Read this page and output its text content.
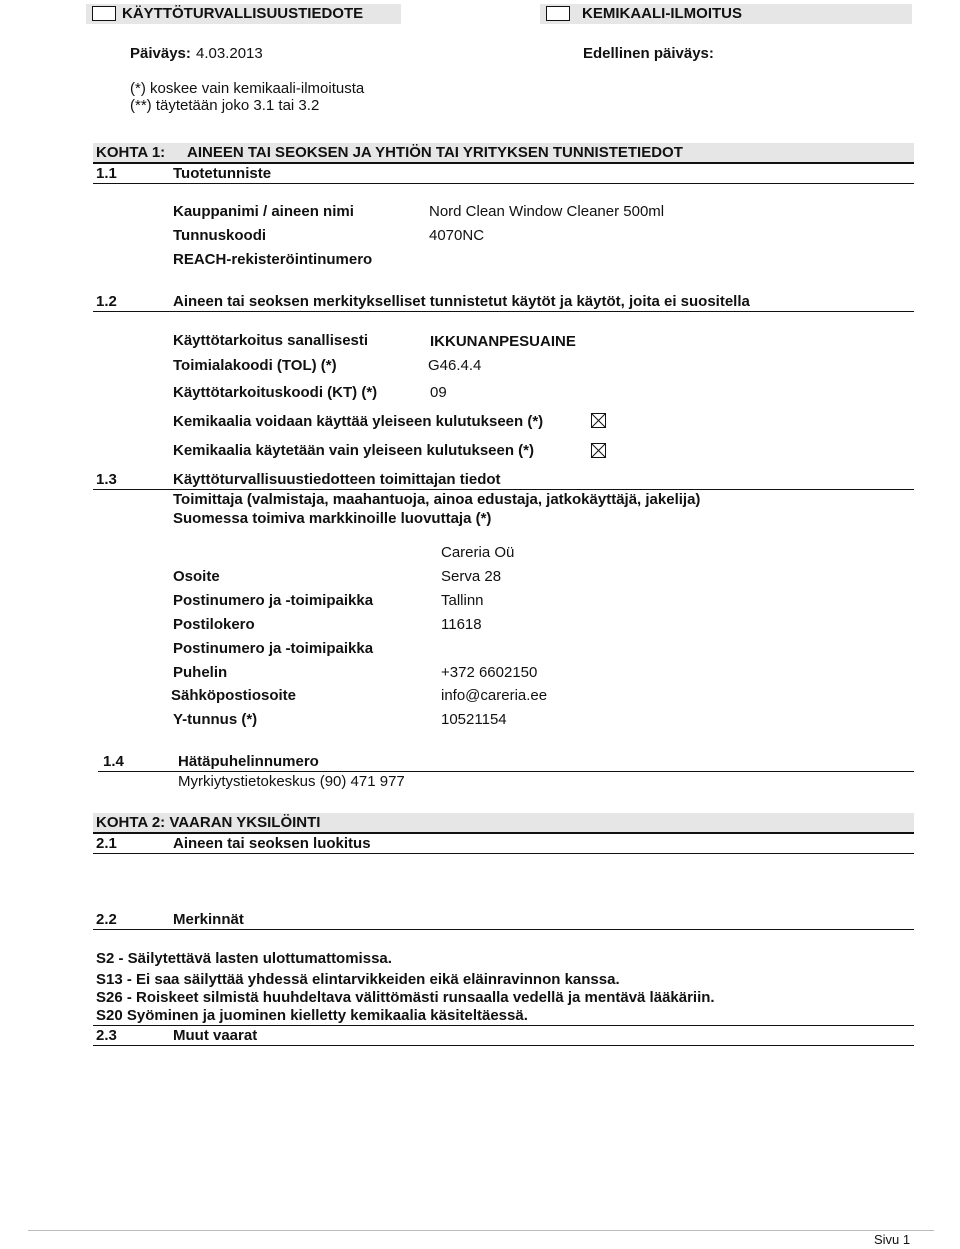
KÄYTTÖTURVALLISUUSTIEDOTE	KEMIKAALI-ILMOITUS
Päiväys: 4.03.2013	Edellinen päiväys:
(*) koskee vain kemikaali-ilmoitusta
(**) täytetään joko 3.1 tai 3.2
KOHTA 1: AINEEN TAI SEOKSEN JA YHTIÖN TAI YRITYKSEN TUNNISTETIEDOT
1.1	Tuotetunniste
Kauppanimi / aineen nimi	Nord Clean Window Cleaner 500ml
Tunnuskoodi	4070NC
REACH-rekisteröintinumero
1.2	Aineen tai seoksen merkitykselliset tunnistetut käytöt ja käytöt, joita ei suositella
Käyttötarkoitus sanallisesti	IKKUNANPESUAINE
Toimialakoodi (TOL) (*)	G46.4.4
Käyttötarkoituskoodi (KT) (*)	09
Kemikaalia voidaan käyttää yleiseen kulutukseen (*)
Kemikaalia käytetään vain yleiseen kulutukseen (*)
1.3	Käyttöturvallisuustiedotteen toimittajan tiedot
Toimittaja (valmistaja, maahantuoja, ainoa edustaja, jatkokäyttäjä, jakelija)
Suomessa toimiva markkinoille luovuttaja (*)
Careria Oü
Osoite	Serva 28
Postinumero ja -toimipaikka	Tallinn
Postilokero	11618
Postinumero ja -toimipaikka
Puhelin	+372 6602150
Sähköpostiosoite	info@careria.ee
Y-tunnus (*)	10521154
1.4	Hätäpuhelinnumero
Myrkiytystietokeskus (90) 471 977
KOHTA 2: VAARAN YKSILÖINTI
2.1	Aineen tai seoksen luokitus
2.2	Merkinnät
S2 - Säilytettävä lasten ulottumattomissa.
S13 - Ei saa säilyttää yhdessä elintarvikkeiden eikä eläinravinnon kanssa.
S26 - Roiskeet silmistä huuhdeltava välittömästi runsaalla vedellä ja mentävä lääkäriin.
S20 Syöminen ja juominen kielletty kemikaalia käsiteltäessä.
2.3	Muut vaarat
Sivu 1
